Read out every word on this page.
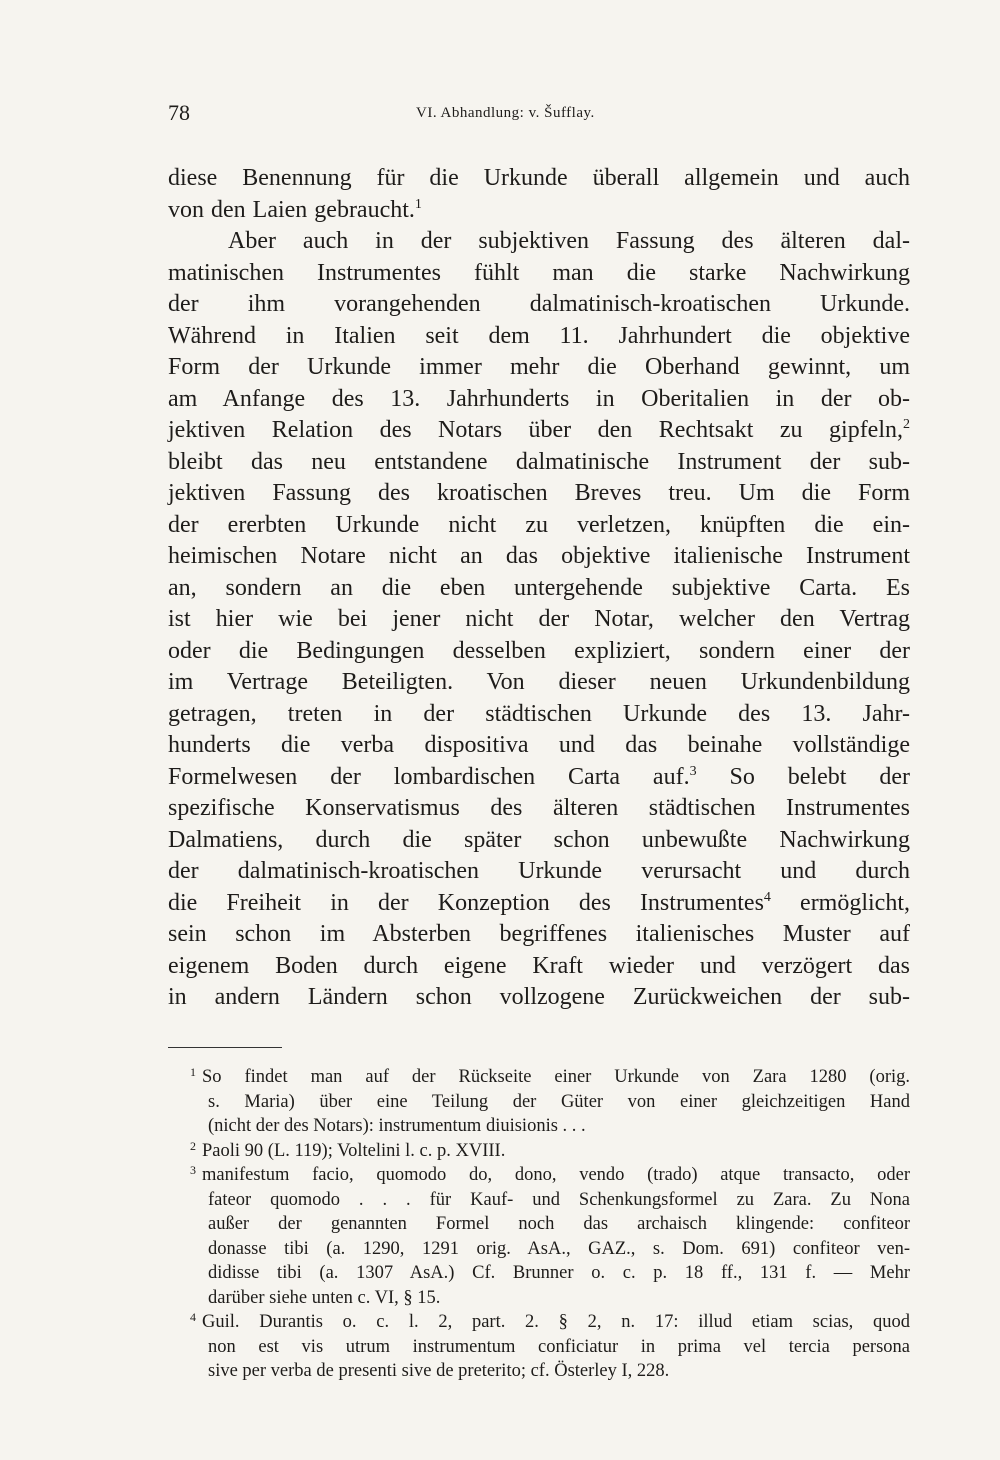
78	VI. Abhandlung: v. Šufflay.
diese Benennung für die Urkunde überall allgemein und auch
von den Laien gebraucht.$^1$
Aber auch in der subjektiven Fassung des älteren dal-
matinischen Instrumentes fühlt man die starke Nachwirkung
der ihm vorangehenden dalmatinisch-kroatischen Urkunde.
Während in Italien seit dem 11. Jahrhundert die objektive
Form der Urkunde immer mehr die Oberhand gewinnt, um
am Anfange des 13. Jahrhunderts in Oberitalien in der ob-
jektiven Relation des Notars über den Rechtsakt zu gipfeln,$^2$
bleibt das neu entstandene dalmatinische Instrument der sub-
jektiven Fassung des kroatischen Breves treu. Um die Form
der ererbten Urkunde nicht zu verletzen, knüpften die ein-
heimischen Notare nicht an das objektive italienische Instrument
an, sondern an die eben untergehende subjektive Carta. Es
ist hier wie bei jener nicht der Notar, welcher den Vertrag
oder die Bedingungen desselben expliziert, sondern einer der
im Vertrage Beteiligten. Von dieser neuen Urkundenbildung
getragen, treten in der städtischen Urkunde des 13. Jahr-
hunderts die verba dispositiva und das beinahe vollständige
Formelwesen der lombardischen Carta auf.$^3$ So belebt der
spezifische Konservatismus des älteren städtischen Instrumentes
Dalmatiens, durch die später schon unbewußte Nachwirkung
der dalmatinisch-kroatischen Urkunde verursacht und durch
die Freiheit in der Konzeption des Instrumentes$^4$ ermöglicht,
sein schon im Absterben begriffenes italienisches Muster auf
eigenem Boden durch eigene Kraft wieder und verzögert das
in andern Ländern schon vollzogene Zurückweichen der sub-
$^1$ So findet man auf der Rückseite einer Urkunde von Zara 1280 (orig.
s. Maria) über eine Teilung der Güter von einer gleichzeitigen Hand
(nicht der des Notars): instrumentum diuisionis . . .
$^2$ Paoli 90 (L. 119); Voltelini l. c. p. XVIII.
$^3$ manifestum facio, quomodo do, dono, vendo (trado) atque transacto, oder
fateor quomodo . . . für Kauf- und Schenkungsformel zu Zara. Zu Nona
außer der genannten Formel noch das archaisch klingende: confiteor
donasse tibi (a. 1290, 1291 orig. AsA., GAZ., s. Dom. 691) confiteor ven-
didisse tibi (a. 1307 AsA.) Cf. Brunner o. c. p. 18 ff., 131 f. — Mehr
darüber siehe unten c. VI, § 15.
$^4$ Guil. Durantis o. c. l. 2, part. 2. § 2, n. 17: illud etiam scias, quod
non est vis utrum instrumentum conficiatur in prima vel tercia persona
sive per verba de presenti sive de preterito; cf. Österley I, 228.
